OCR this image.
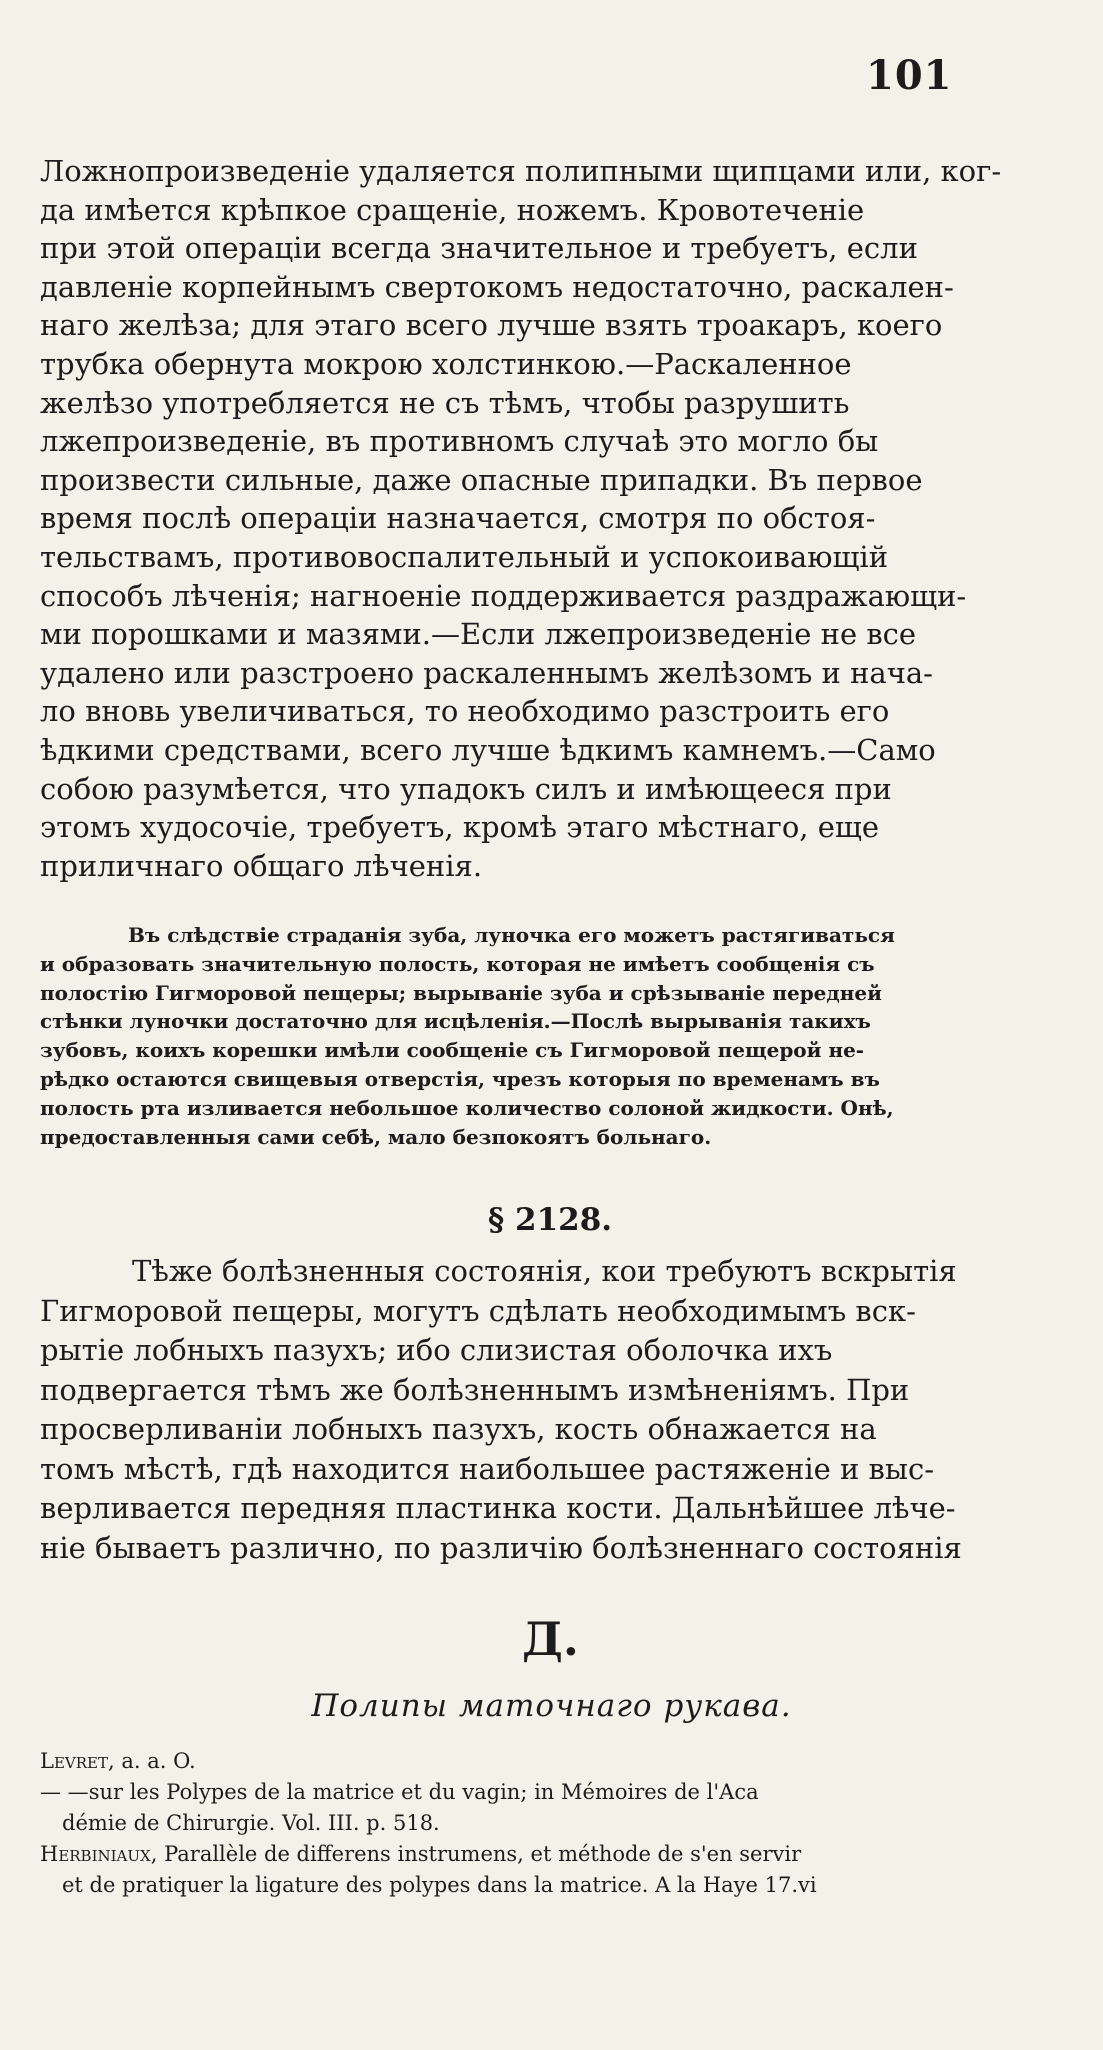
101
Ложнопроизведеніе удаляется полипными щипцами или, ког-
да имѣется крѣпкое сращеніе, ножемъ. Кровотеченіе
при этой операціи всегда значительное и требуетъ, если
давленіе корпейнымъ свертокомъ недостаточно, раскален-
наго желѣза; для этаго всего лучше взять троакаръ, коего
трубка обернута мокрою холстинкою.—Раскаленное
желѣзо употребляется не съ тѣмъ, чтобы разрушить
лжепроизведеніе, въ противномъ случаѣ это могло бы
произвести сильные, даже опасные припадки. Въ первое
время послѣ операціи назначается, смотря по обстоя-
тельствамъ, противовоспалительный и успокоивающій
способъ лѣченія; нагноеніе поддерживается раздражающи-
ми порошками и мазями.—Если лжепроизведеніе не все
удалено или разстроено раскаленнымъ желѣзомъ и нача-
ло вновь увеличиваться, то необходимо разстроить его
ѣдкими средствами, всего лучше ѣдкимъ камнемъ.—Само
собою разумѣется, что упадокъ силъ и имѣющееся при
этомъ худосочіе, требуетъ, кромѣ этаго мѣстнаго, еще
приличнаго общаго лѣченія.
Въ слѣдствіе страданія зуба, луночка его можетъ растягиваться
и образовать значительную полость, которая не имѣетъ сообщенія съ
полостію Гигморовой пещеры; вырываніе зуба и срѣзываніе передней
стѣнки луночки достаточно для исцѣленія.—Послѣ вырыванія такихъ
зубовъ, коихъ корешки имѣли сообщеніе съ Гигморовой пещерой не-
рѣдко остаются свищевыя отверстія, чрезъ которыя по временамъ въ
полость рта изливается небольшое количество солоной жидкости. Онѣ,
предоставленныя сами себѣ, мало безпокоятъ больнаго.
§ 2128.
Тѣже болѣзненныя состоянія, кои требуютъ вскрытія
Гигморовой пещеры, могутъ сдѣлать необходимымъ вск-
рытіе лобныхъ пазухъ; ибо слизистая оболочка ихъ
подвергается тѣмъ же болѣзненнымъ измѣненіямъ. При
просверливаніи лобныхъ пазухъ, кость обнажается на
томъ мѣстѣ, гдѣ находится наибольшее растяженіе и выс-
верливается передняя пластинка кости. Дальнѣйшее лѣче-
ніе бываетъ различно, по различію болѣзненнаго состоянія
Д.
Полипы маточнаго рукава.
Levret, a. a. O.
— —sur les Polypes de la matrice et du vagin; in Mémoires de l'Aca
démie de Chirurgie. Vol. III. p. 518.
Herbiniaux, Parallèle de differens instrumens, et méthode de s'en servir
et de pratiquer la ligature des polypes dans la matrice. A la Haye 17.vi
